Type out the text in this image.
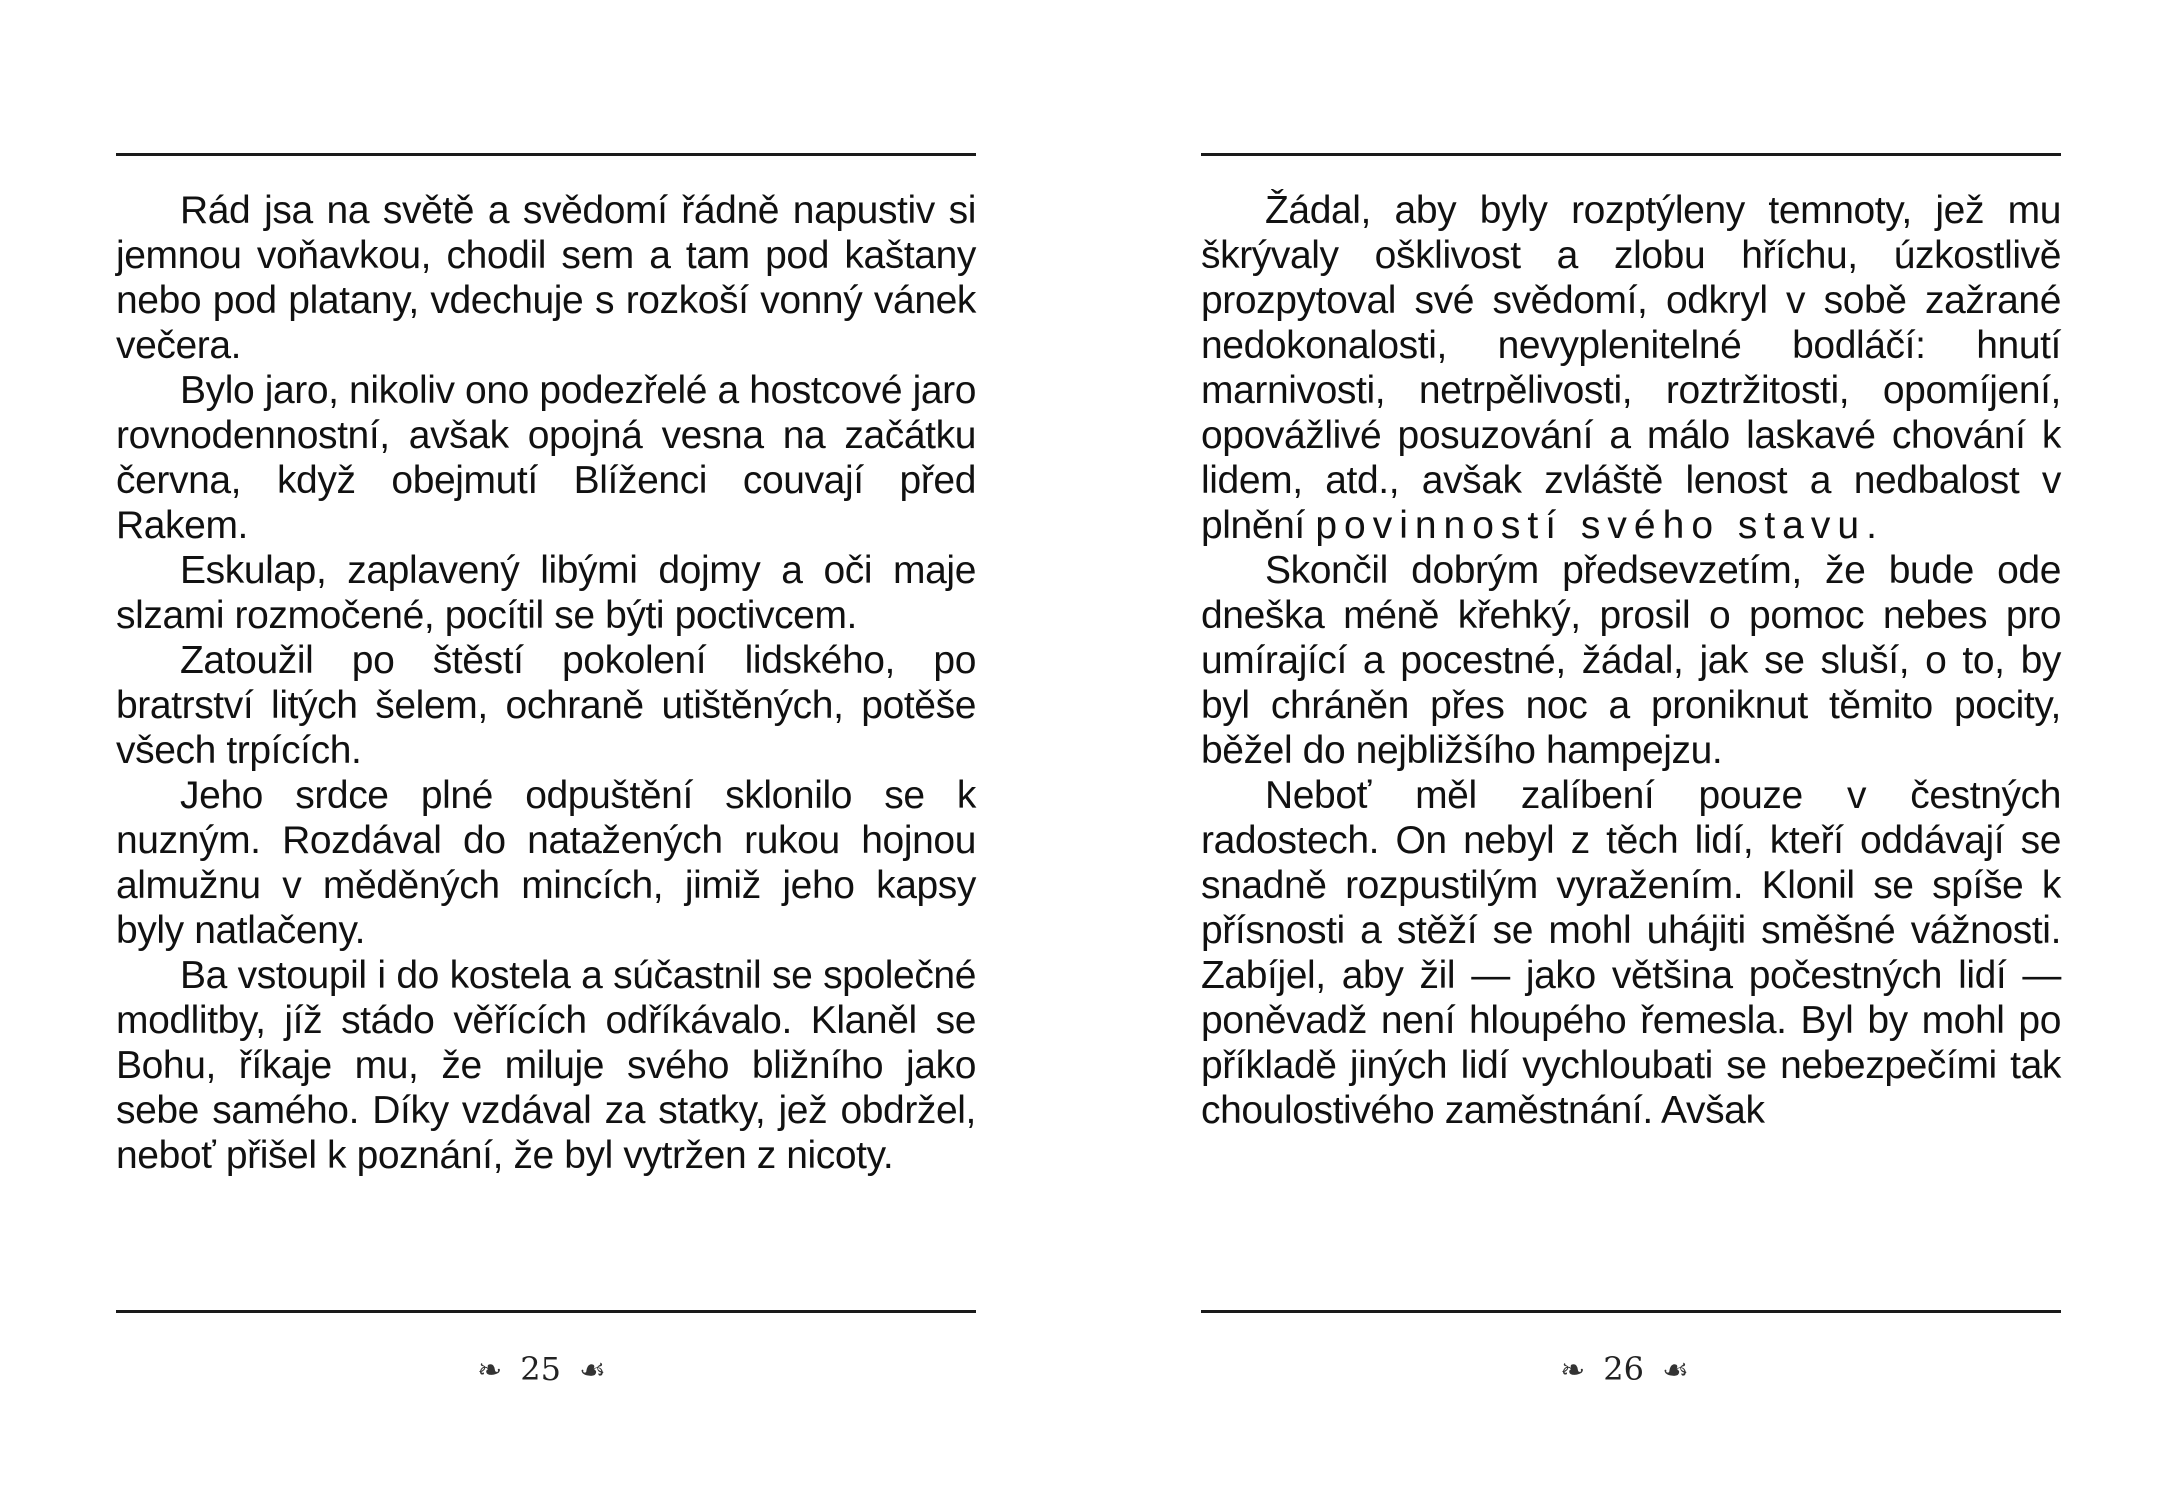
Rád jsa na světě a svědomí řádně napustiv si jemnou voňavkou, chodil sem a tam pod kaštany nebo pod platany, vdechuje s rozkoší vonný vánek večera.

Bylo jaro, nikoliv ono podezřelé a hostcové jaro rovnodennostní, avšak opojná vesna na začátku června, když obejmutí Blíženci couvají před Rakem.

Eskulap, zaplavený libými dojmy a oči maje slzami rozmočené, pocítil se býti poctivcem.

Zatoužil po štěstí pokolení lidského, po bratrství litých šelem, ochraně utištěných, potěše všech trpících.

Jeho srdce plné odpuštění sklonilo se k nuzným. Rozdával do natažených rukou hojnou almužnu v měděných mincích, jimiž jeho kapsy byly natlačeny.

Ba vstoupil i do kostela a súčastnil se společné modlitby, jíž stádo věřících odříkávalo. Klaněl se Bohu, říkaje mu, že miluje svého bližního jako sebe samého. Díky vzdával za statky, jež obdržel, neboť přišel k poznání, že byl vytržen z nicoty.

❧ 25 ☙

Žádal, aby byly rozptýleny temnoty, jež mu škrývaly ošklivost a zlobu hříchu, úzkostlivě prozpytoval své svědomí, odkryl v sobě zažrané nedokonalosti, nevyplenitelné bodláčí: hnutí marnivosti, netrpělivosti, roztržitosti, opomíjení, opovážlivé posuzování a málo laskavé chování k lidem, atd., avšak zvláště lenost a nedbalost v plnění povinností svého stavu.

Skončil dobrým předsevzetím, že bude ode dneška méně křehký, prosil o pomoc nebes pro umírající a pocestné, žádal, jak se sluší, o to, by byl chráněn přes noc a proniknut těmito pocity, běžel do nejbližšího hampejzu.

Neboť měl zalíbení pouze v čestných radostech. On nebyl z těch lidí, kteří oddávají se snadně rozpustilým vyražením. Klonil se spíše k přísnosti a stěží se mohl uhájiti směšné vážnosti. Zabíjel, aby žil — jako většina počestných lidí — poněvadž není hloupého řemesla. Byl by mohl po příkladě jiných lidí vychloubati se nebezpečími tak choulostivého zaměstnání. Avšak

❧ 26 ☙
